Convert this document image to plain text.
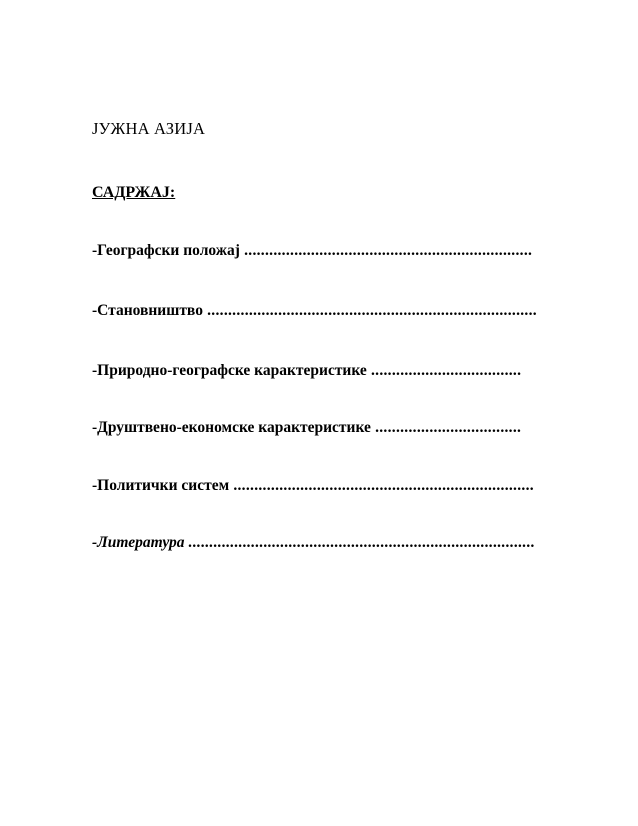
ЈУЖНА АЗИЈА
САДРЖАЈ:

-Географски положај .....................................................................

-Становништво ...............................................................................

-Природно-географске карактеристике ....................................

-Друштвено-економске карактеристике ...................................

-Политички систем ........................................................................

-Литература ...................................................................................
